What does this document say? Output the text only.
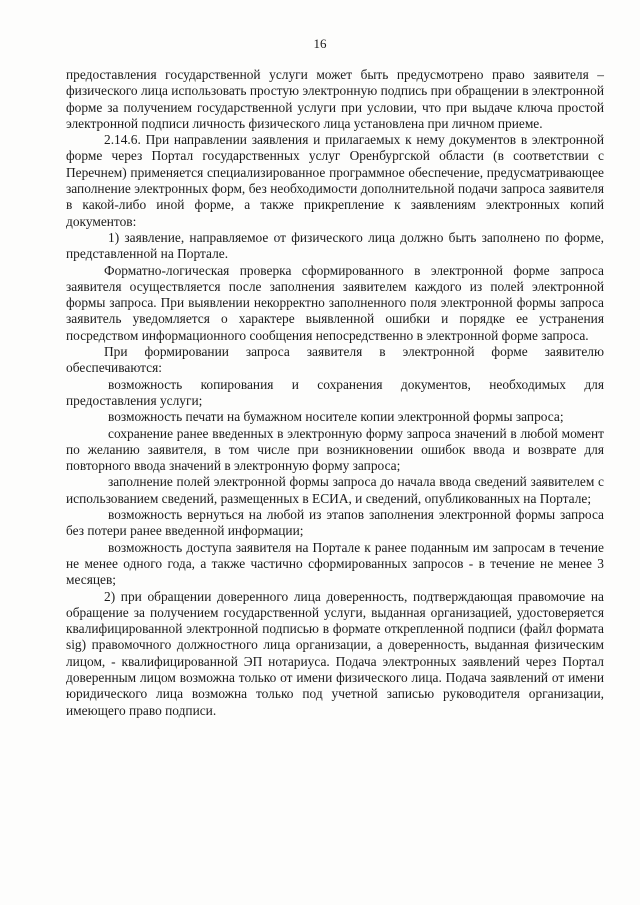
16

предоставления государственной услуги может быть предусмотрено право заявителя – физического лица использовать простую электронную подпись при обращении в электронной форме за получением государственной услуги при условии, что при выдаче ключа простой электронной подписи личность физического лица установлена при личном приеме.

2.14.6. При направлении заявления и прилагаемых к нему документов в электронной форме через Портал государственных услуг Оренбургской области (в соответствии с Перечнем) применяется специализированное программное обеспечение, предусматривающее заполнение электронных форм, без необходимости дополнительной подачи запроса заявителя в какой-либо иной форме, а также прикрепление к заявлениям электронных копий документов:

1) заявление, направляемое от физического лица должно быть заполнено по форме, представленной на Портале.

Форматно-логическая проверка сформированного в электронной форме запроса заявителя осуществляется после заполнения заявителем каждого из полей электронной формы запроса. При выявлении некорректно заполненного поля электронной формы запроса заявитель уведомляется о характере выявленной ошибки и порядке ее устранения посредством информационного сообщения непосредственно в электронной форме запроса.

При формировании запроса заявителя в электронной форме заявителю обеспечиваются:

возможность копирования и сохранения документов, необходимых для предоставления услуги;

возможность печати на бумажном носителе копии электронной формы запроса;

сохранение ранее введенных в электронную форму запроса значений в любой момент по желанию заявителя, в том числе при возникновении ошибок ввода и возврате для повторного ввода значений в электронную форму запроса;

заполнение полей электронной формы запроса до начала ввода сведений заявителем с использованием сведений, размещенных в ЕСИА, и сведений, опубликованных на Портале;

возможность вернуться на любой из этапов заполнения электронной формы запроса без потери ранее введенной информации;

возможность доступа заявителя на Портале к ранее поданным им запросам в течение не менее одного года, а также частично сформированных запросов - в течение не менее 3 месяцев;

2) при обращении доверенного лица доверенность, подтверждающая правомочие на обращение за получением государственной услуги, выданная организацией, удостоверяется квалифицированной электронной подписью в формате открепленной подписи (файл формата sig) правомочного должностного лица организации, а доверенность, выданная физическим лицом, - квалифицированной ЭП нотариуса. Подача электронных заявлений через Портал доверенным лицом возможна только от имени физического лица. Подача заявлений от имени юридического лица возможна только под учетной записью руководителя организации, имеющего право подписи.
